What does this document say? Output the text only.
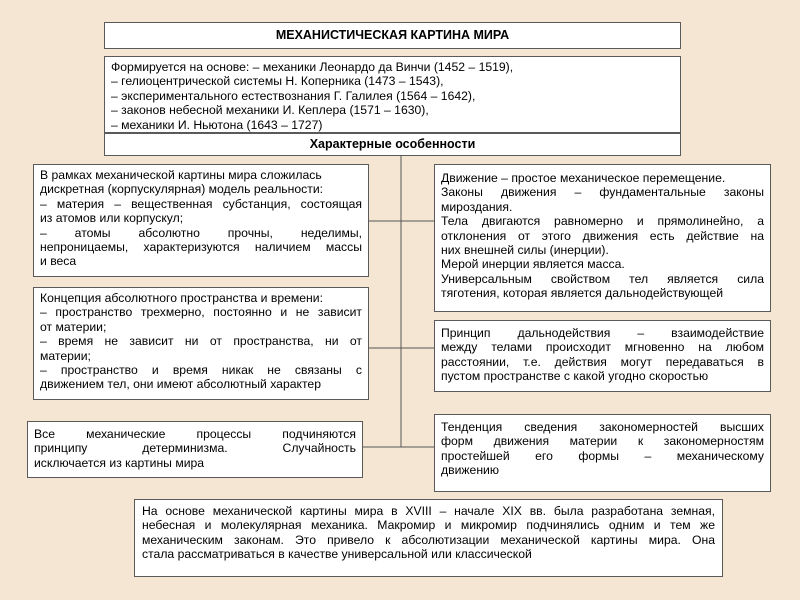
МЕХАНИСТИЧЕСКАЯ КАРТИНА МИРА
Формируется на основе: – механики Леонардо да Винчи (1452 – 1519),
– гелиоцентрической системы Н. Коперника (1473 – 1543),
– экспериментального естествознания Г. Галилея (1564 – 1642),
– законов небесной механики И. Кеплера (1571 – 1630),
– механики И. Ньютона (1643 – 1727)
Характерные особенности
В рамках механической картины мира сложилась
дискретная (корпускулярная) модель реальности:
– материя – вещественная субстанция, состоящая
из атомов или корпускул;
– атомы абсолютно прочны, неделимы,
непроницаемы, характеризуются наличием массы
и веса
Концепция абсолютного пространства и времени:
– пространство трехмерно, постоянно и не зависит
от материи;
– время не зависит ни от пространства, ни от
материи;
– пространство и время никак не связаны с
движением тел, они имеют абсолютный характер
Все механические процессы подчиняются
принципу детерминизма. Случайность
исключается из картины мира
Движение – простое механическое перемещение.
Законы движения – фундаментальные законы
мироздания.
Тела двигаются равномерно и прямолинейно, а
отклонения от этого движения есть действие на
них внешней силы (инерции).
Мерой инерции является масса.
Универсальным свойством тел является сила
тяготения, которая является дальнодействующей
Принцип дальнодействия – взаимодействие
между телами происходит мгновенно на любом
расстоянии, т.е. действия могут передаваться в
пустом пространстве с какой угодно скоростью
Тенденция сведения закономерностей высших
форм движения материи к закономерностям
простейшей его формы – механическому
движению
На основе механической картины мира в XVIII – начале XIX вв. была разработана земная,
небесная и молекулярная механика. Макромир и микромир подчинялись одним и тем же
механическим законам. Это привело к абсолютизации механической картины мира. Она
стала рассматриваться в качестве универсальной или классической
